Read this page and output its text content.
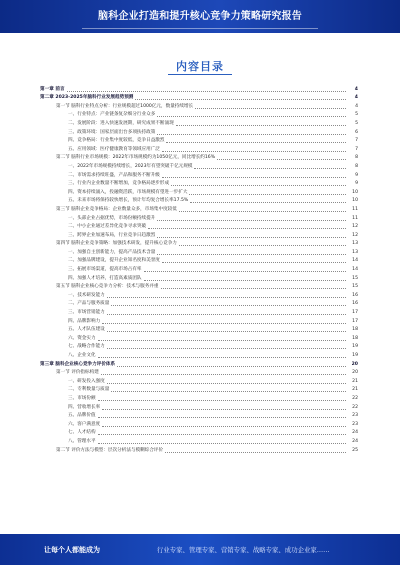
脑科企业打造和提升核心竞争力策略研究报告
内容目录
第一章 前言	4
第二章 2023-2025年脑科行业发展趋势预测	4
第一节 脑科行业特点分析：行业规模超过1000亿元，数量持续增长	4
一、行业特点：产业链条复杂细分行业众多	5
二、发展阶段：进入快速发展期，研究成果不断涌现	5
三、政策环境：国家层面出台多项扶持政策	6
四、竞争格局：行业集中度较低，竞争日益激烈	7
五、应用领域：医疗健康教育等领域应用广泛	7
第二节 脑科行业市场规模：2022年市场规模约为1050亿元，同比增长约16%	8
一、2022年市场规模持续增长，2023年有望突破千亿元规模	8
二、市场需求持续旺盛，产品和服务不断升级	9
三、行业内企业数量不断增加，竞争格局逐步形成	9
四、资本持续涌入，投融资活跃，市场规模有望进一步扩大	10
五、未来市场将保持较快增长，预计年均复合增长率17.5%	10
第三节 脑科企业竞争格局：企业数量众多，市场集中度较低	11
一、头部企业占据优势，市场份额持续提升	11
二、中小企业通过差异化竞争寻求突破	12
三、跨界企业加速布局，行业竞争日趋激烈	12
第四节 脑科企业竞争策略：加强技术研发，提升核心竞争力	13
一、加强自主创新能力，提高产品技术含量	13
二、加强品牌建设，提升企业知名度和美誉度	14
三、拓展市场渠道，提高市场占有率	14
四、加强人才培养，打造高素质团队	15
第五节 脑科企业核心竞争力分析：技术与服务并重	15
一、技术研发能力	16
二、产品与服务质量	16
三、市场营销能力	17
四、品牌影响力	17
五、人才队伍建设	18
六、资金实力	18
七、战略合作能力	19
八、企业文化	19
第三章 脑科企业核心竞争力评价体系	20
第一节 评价指标构建	20
一、研发投入强度	21
二、专利数量与质量	21
三、市场份额	22
四、营收增长率	22
五、品牌价值	23
六、客户满意度	23
七、人才结构	24
八、管理水平	24
第二节 评价方法与模型：层次分析法与模糊综合评价	25
让每个人都能成为	行业专家、管理专家、营销专家、战略专家、成功企业家……
